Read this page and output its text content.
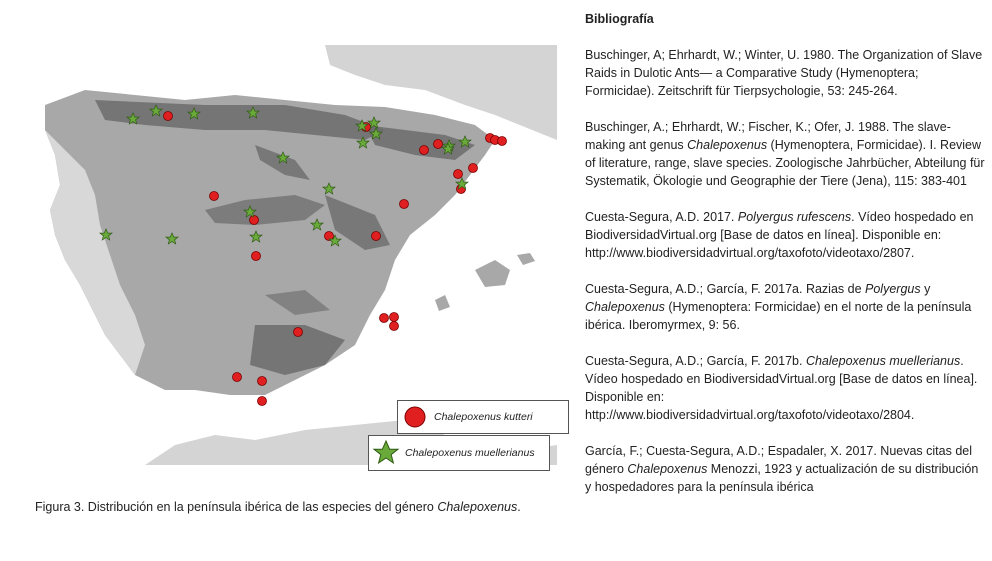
Chalepoxenus kutteri
Chalepoxenus muellerianus
Figura 3. Distribución en la península ibérica de las especies del género Chalepoxenus.
Bibliografía

Buschinger, A; Ehrhardt, W.; Winter, U. 1980. The Organization of Slave Raids in Dulotic Ants— a Comparative Study (Hymenoptera; Formicidae). Zeitschrift für Tierpsychologie, 53: 245-264.

Buschinger, A.; Ehrhardt, W.; Fischer, K.; Ofer, J. 1988. The slave-making ant genus Chalepoxenus (Hymenoptera, Formicidae). I. Review of literature, range, slave species. Zoologische Jahrbücher, Abteilung für Systematik, Ökologie und Geographie der Tiere (Jena), 115: 383-401

Cuesta-Segura, A.D. 2017. Polyergus rufescens. Vídeo hospedado en BiodiversidadVirtual.org [Base de datos en línea]. Disponible en: http://www.biodiversidadvirtual.org/taxofoto/videotaxo/2807.

Cuesta-Segura, A.D.; García, F. 2017a. Razias de Polyergus y Chalepoxenus (Hymenoptera: Formicidae) en el norte de la península ibérica. Iberomyrmex, 9: 56.

Cuesta-Segura, A.D.; García, F. 2017b. Chalepoxenus muellerianus. Vídeo hospedado en BiodiversidadVirtual.org [Base de datos en línea]. Disponible en: http://www.biodiversidadvirtual.org/taxofoto/videotaxo/2804.

García, F.; Cuesta-Segura, A.D.; Espadaler, X. 2017. Nuevas citas del género Chalepoxenus Menozzi, 1923 y actualización de su distribución y hospedadores para la península ibérica
